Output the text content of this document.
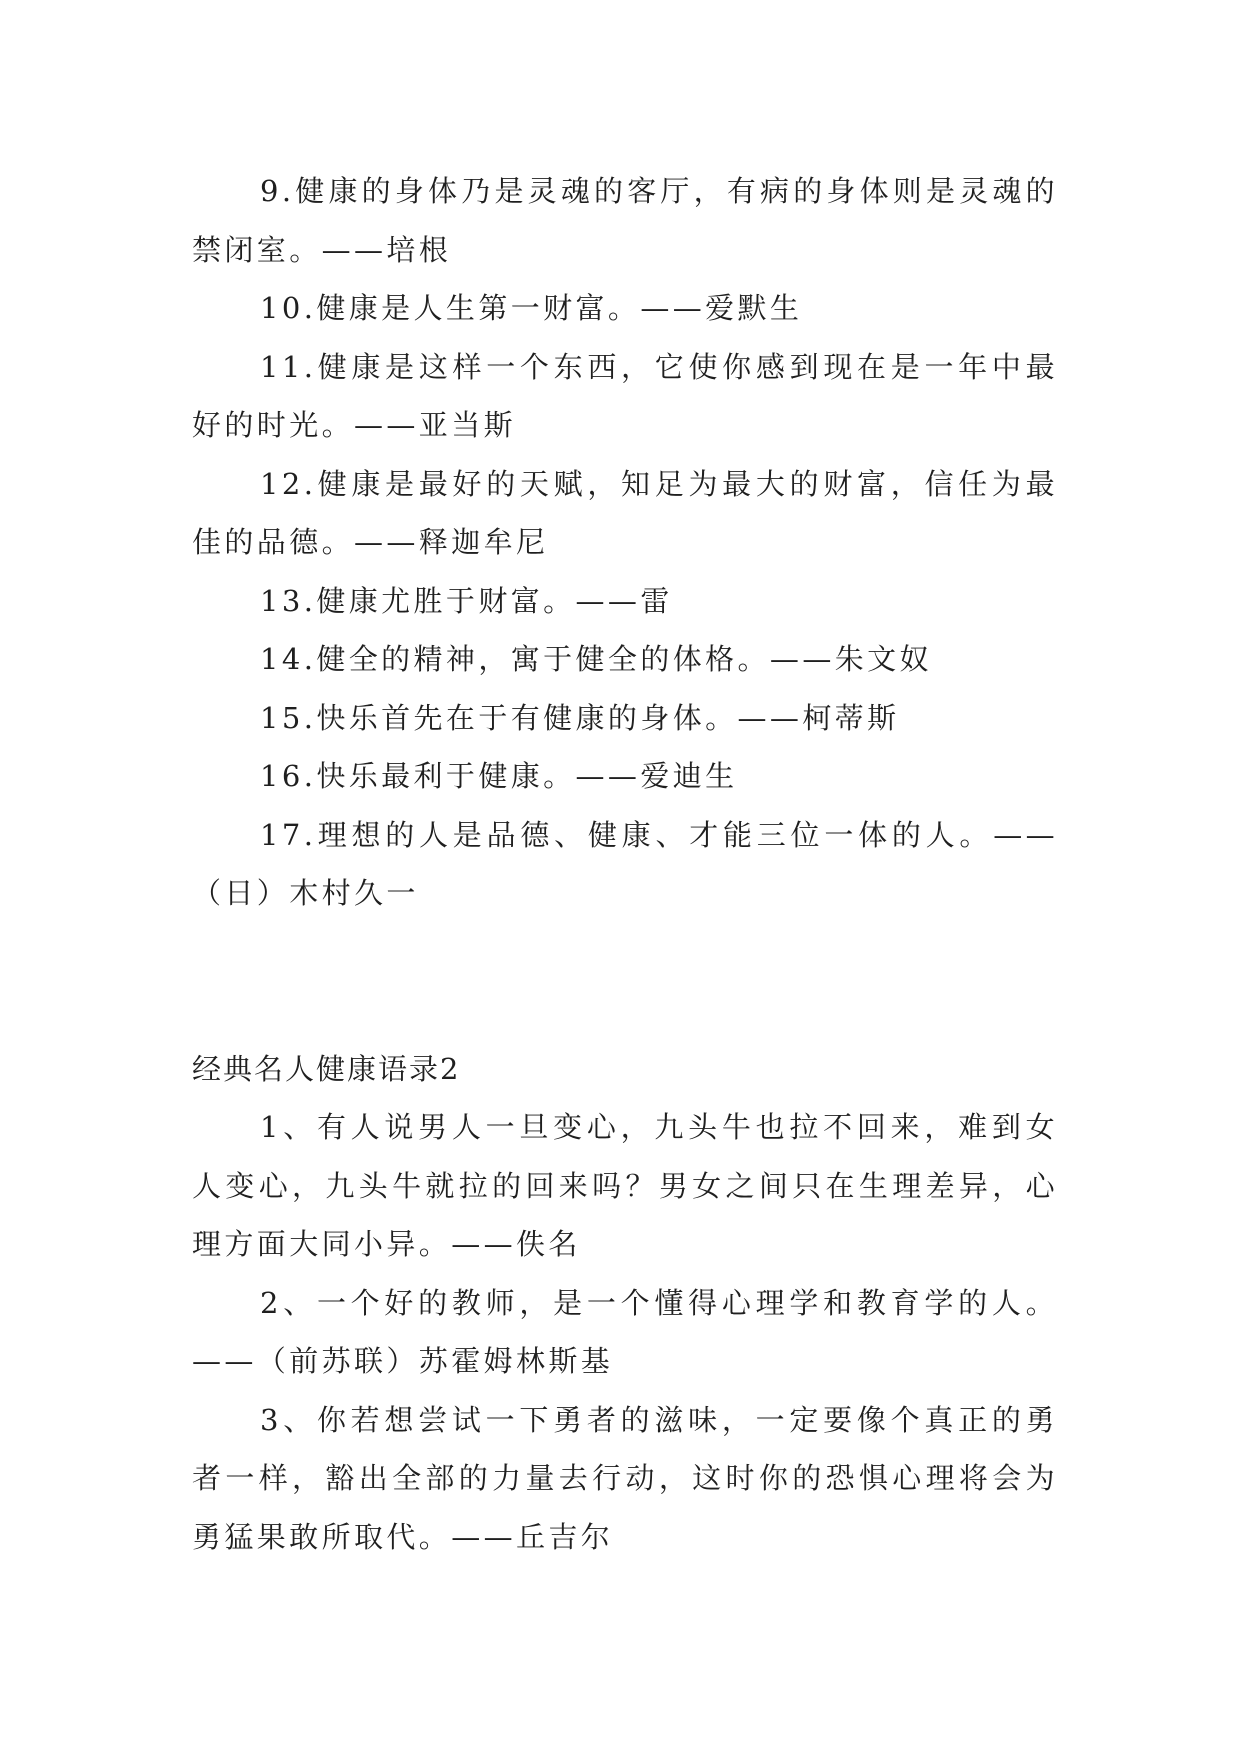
9.健康的身体乃是灵魂的客厅，有病的身体则是灵魂的禁闭室。——培根

10.健康是人生第一财富。——爱默生

11.健康是这样一个东西，它使你感到现在是一年中最好的时光。——亚当斯

12.健康是最好的天赋，知足为最大的财富，信任为最佳的品德。——释迦牟尼

13.健康尤胜于财富。——雷

14.健全的精神，寓于健全的体格。——朱文奴

15.快乐首先在于有健康的身体。——柯蒂斯

16.快乐最利于健康。——爱迪生

17.理想的人是品德、健康、才能三位一体的人。——（日）木村久一

经典名人健康语录2

1、有人说男人一旦变心，九头牛也拉不回来，难到女人变心，九头牛就拉的回来吗？男女之间只在生理差异，心理方面大同小异。——佚名

2、一个好的教师，是一个懂得心理学和教育学的人。——（前苏联）苏霍姆林斯基

3、你若想尝试一下勇者的滋味，一定要像个真正的勇者一样，豁出全部的力量去行动，这时你的恐惧心理将会为勇猛果敢所取代。——丘吉尔
